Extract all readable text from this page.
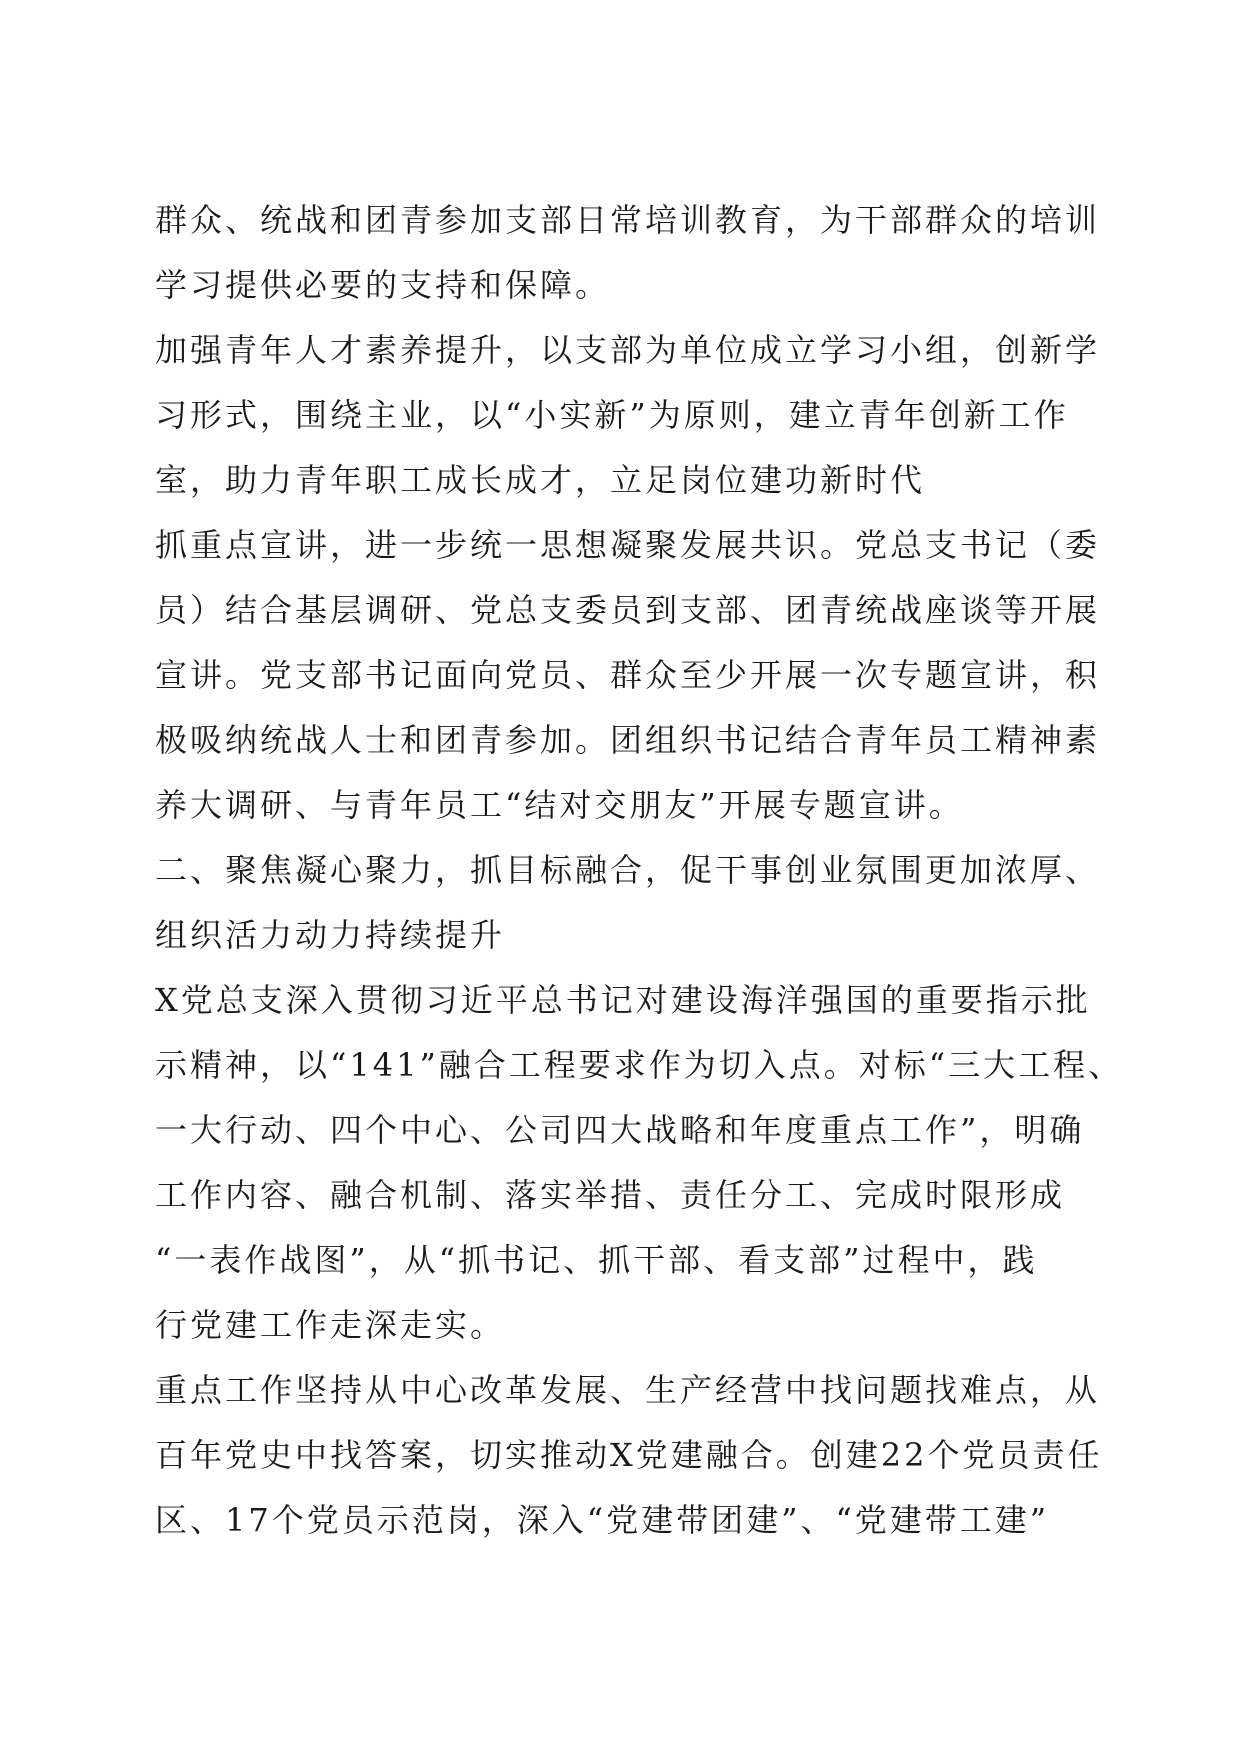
群众、统战和团青参加支部日常培训教育，为干部群众的培训
学习提供必要的支持和保障。
加强青年人才素养提升，以支部为单位成立学习小组，创新学
习形式，围绕主业，以“小实新”为原则，建立青年创新工作
室，助力青年职工成长成才，立足岗位建功新时代
抓重点宣讲，进一步统一思想凝聚发展共识。党总支书记（委
员）结合基层调研、党总支委员到支部、团青统战座谈等开展
宣讲。党支部书记面向党员、群众至少开展一次专题宣讲，积
极吸纳统战人士和团青参加。团组织书记结合青年员工精神素
养大调研、与青年员工“结对交朋友”开展专题宣讲。
二、聚焦凝心聚力，抓目标融合，促干事创业氛围更加浓厚、
组织活力动力持续提升
X党总支深入贯彻习近平总书记对建设海洋强国的重要指示批
示精神，以“141”融合工程要求作为切入点。对标“三大工程、
一大行动、四个中心、公司四大战略和年度重点工作”，明确
工作内容、融合机制、落实举措、责任分工、完成时限形成
“一表作战图”，从“抓书记、抓干部、看支部”过程中，践
行党建工作走深走实。
重点工作坚持从中心改革发展、生产经营中找问题找难点，从
百年党史中找答案，切实推动X党建融合。创建22个党员责任
区、17个党员示范岗，深入“党建带团建”、“党建带工建”
